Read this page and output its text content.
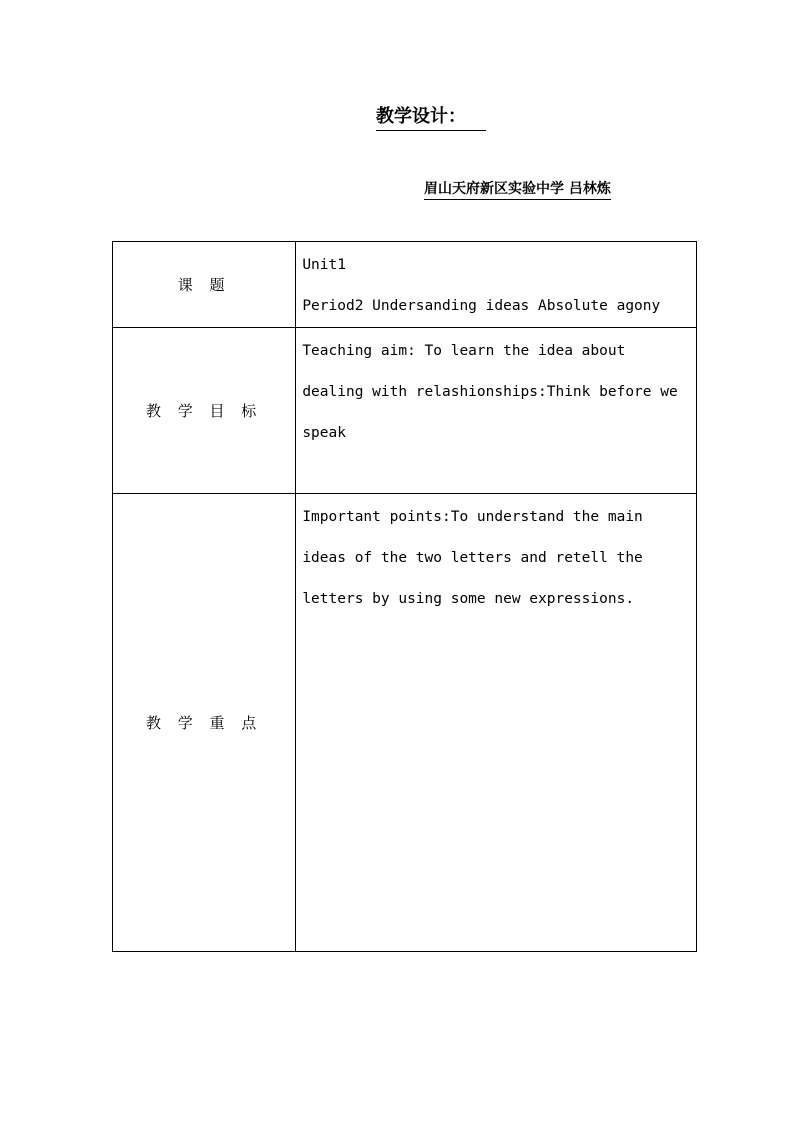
教学设计：
眉山天府新区实验中学 吕林炼
课 题	Unit1
Period2 Undersanding ideas Absolute agony

教 学 目 标	Teaching aim: To learn the idea about
dealing with relashionships:Think before we
speak

教 学 重 点	Important points:To understand the main
ideas of the two letters and retell the
letters by using some new expressions.
